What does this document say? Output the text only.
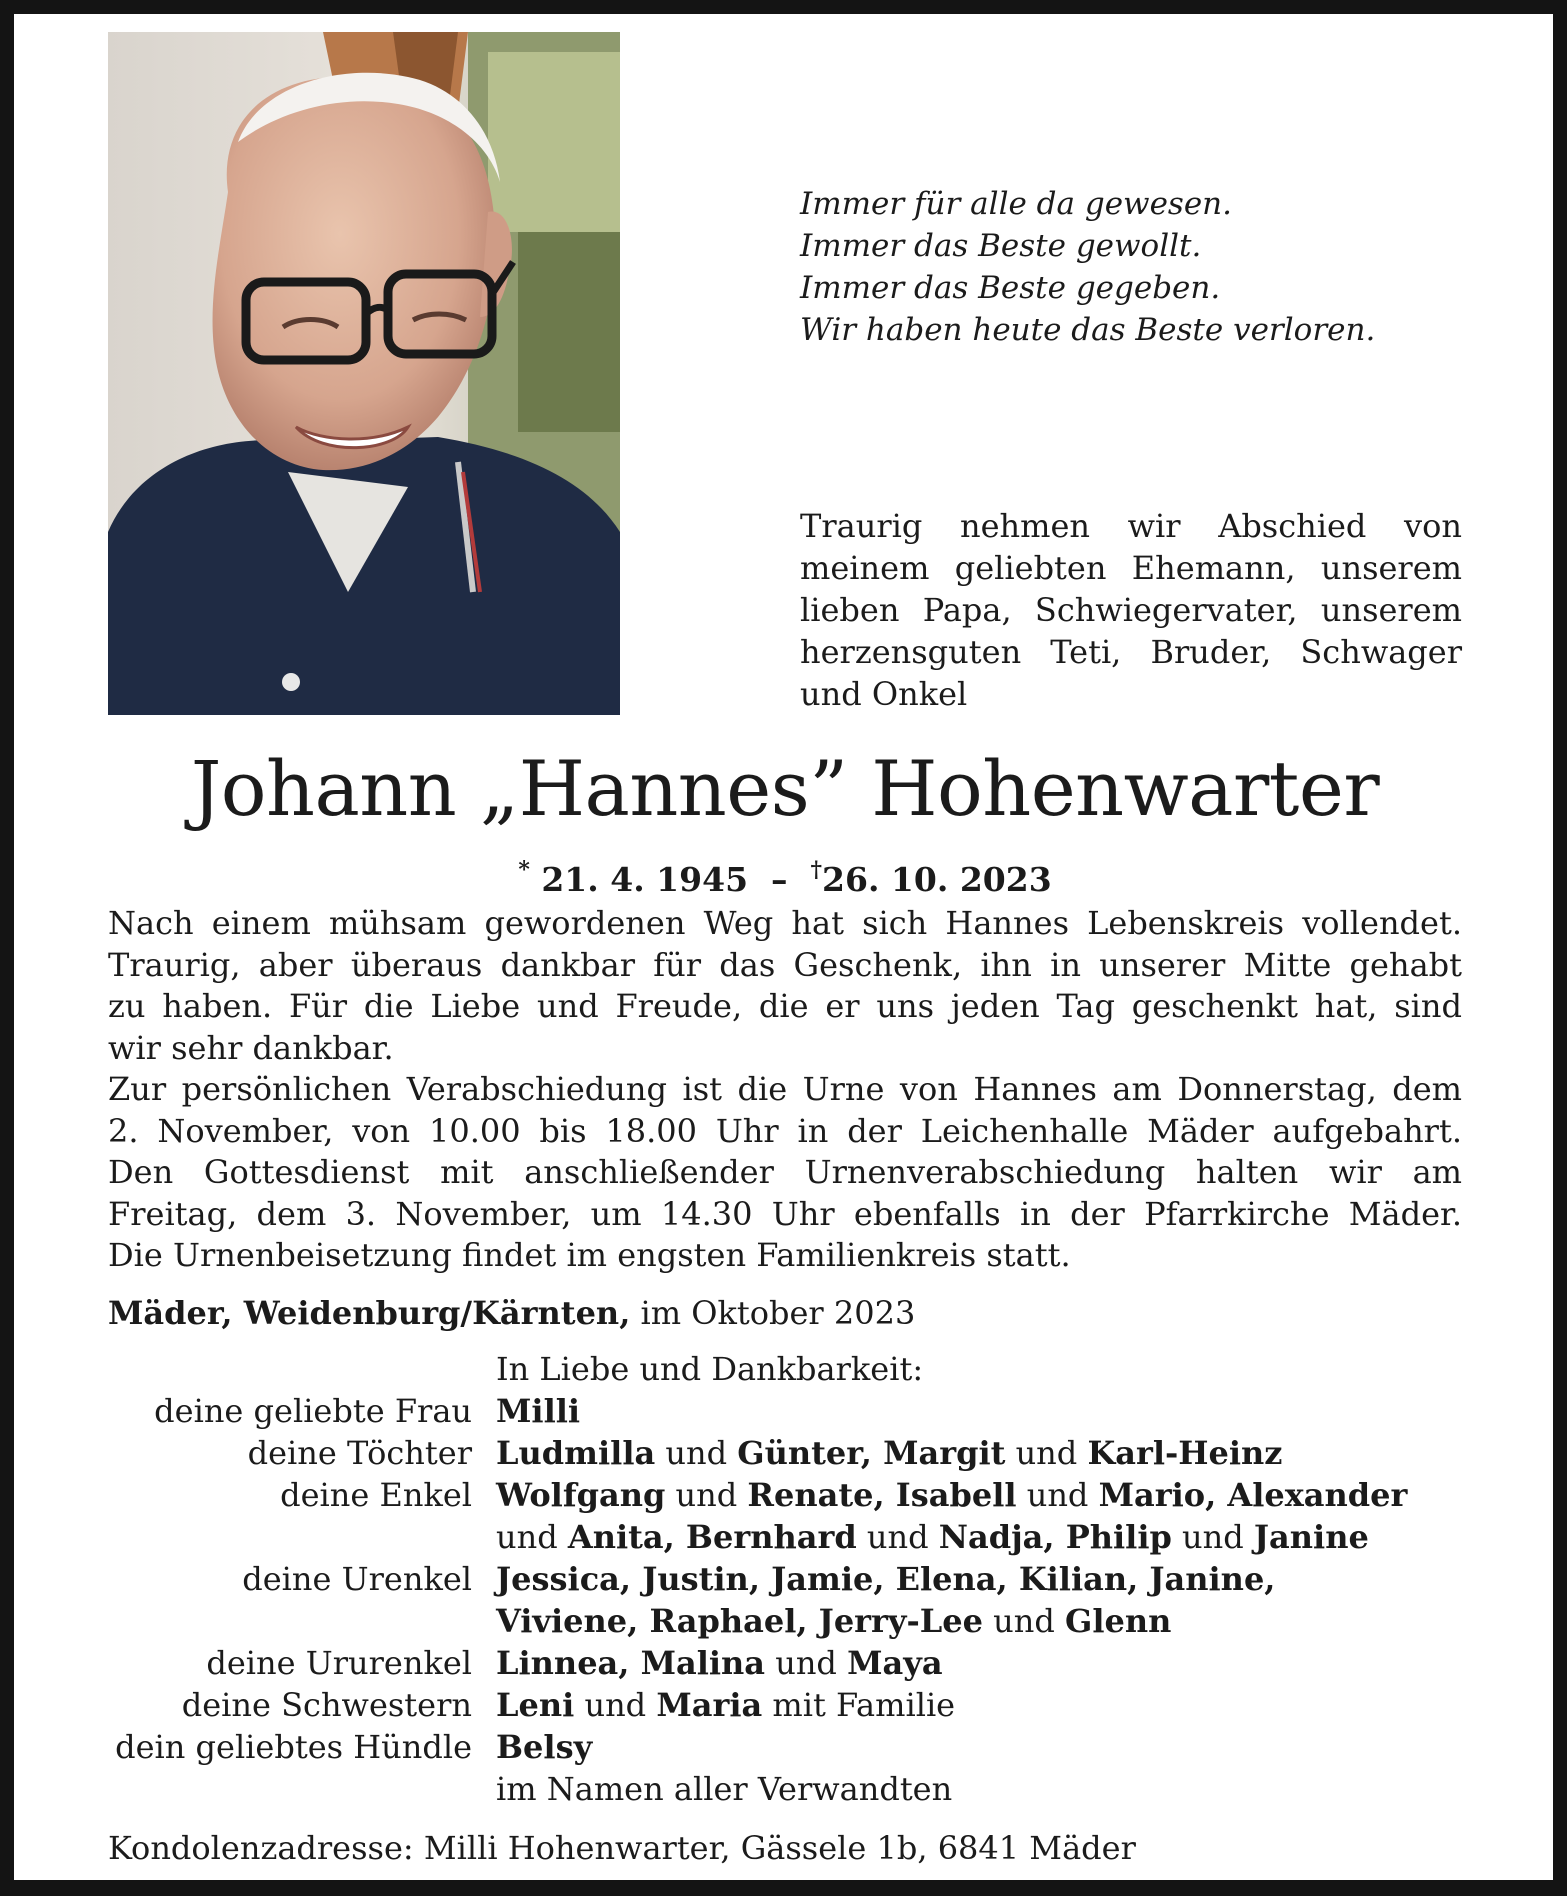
Immer für alle da gewesen.
Immer das Beste gewollt.
Immer das Beste gegeben.
Wir haben heute das Beste verloren.
Traurig nehmen wir Abschied von
meinem geliebten Ehemann, unserem
lieben Papa, Schwiegervater, unserem
herzensguten Teti, Bruder, Schwager
und Onkel
Johann „Hannes” Hohenwarter
* 21. 4. 1945 – †26. 10. 2023
Nach einem mühsam gewordenen Weg hat sich Hannes Lebenskreis vollendet.
Traurig, aber überaus dankbar für das Geschenk, ihn in unserer Mitte gehabt
zu haben. Für die Liebe und Freude, die er uns jeden Tag geschenkt hat, sind
wir sehr dankbar.
Zur persönlichen Verabschiedung ist die Urne von Hannes am Donnerstag, dem
2. November, von 10.00 bis 18.00 Uhr in der Leichenhalle Mäder aufgebahrt.
Den Gottesdienst mit anschließender Urnenverabschiedung halten wir am
Freitag, dem 3. November, um 14.30 Uhr ebenfalls in der Pfarrkirche Mäder.
Die Urnenbeisetzung findet im engsten Familienkreis statt.
Mäder, Weidenburg/Kärnten, im Oktober 2023
In Liebe und Dankbarkeit:
deine geliebte Frau Milli
deine Töchter Ludmilla und Günter, Margit und Karl-Heinz
deine Enkel Wolfgang und Renate, Isabell und Mario, Alexander
und Anita, Bernhard und Nadja, Philip und Janine
deine Urenkel Jessica, Justin, Jamie, Elena, Kilian, Janine,
Viviene, Raphael, Jerry-Lee und Glenn
deine Ururenkel Linnea, Malina und Maya
deine Schwestern Leni und Maria mit Familie
dein geliebtes Hündle Belsy
im Namen aller Verwandten
Kondolenzadresse: Milli Hohenwarter, Gässele 1b, 6841 Mäder
